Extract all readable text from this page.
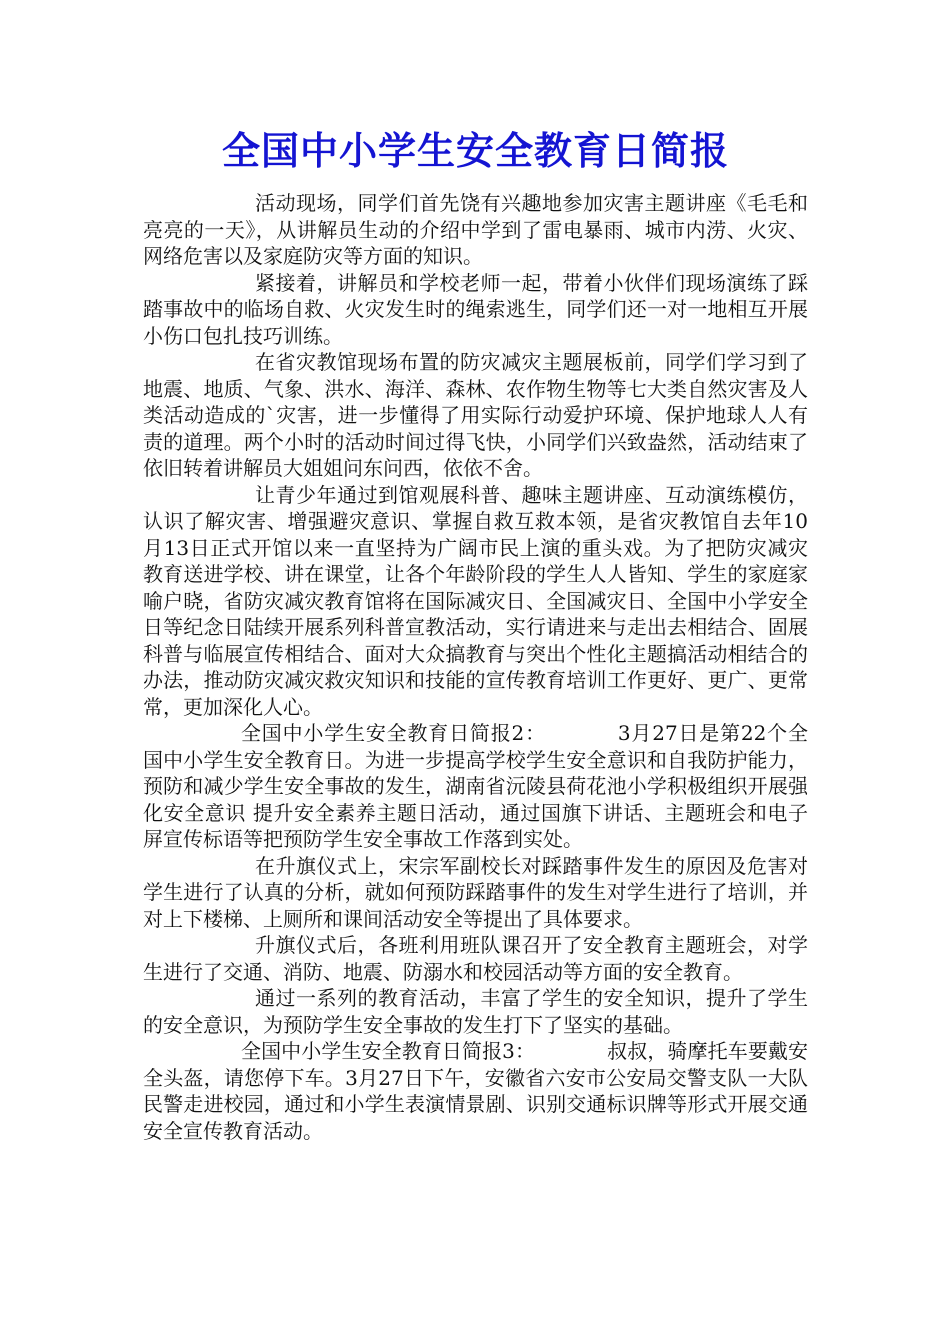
全国中小学生安全教育日简报

活动现场，同学们首先饶有兴趣地参加灾害主题讲座《毛毛和亮亮的一天》，从讲解员生动的介绍中学到了雷电暴雨、城市内涝、火灾、网络危害以及家庭防灾等方面的知识。

紧接着，讲解员和学校老师一起，带着小伙伴们现场演练了踩踏事故中的临场自救、火灾发生时的绳索逃生，同学们还一对一地相互开展小伤口包扎技巧训练。

在省灾教馆现场布置的防灾减灾主题展板前，同学们学习到了地震、地质、气象、洪水、海洋、森林、农作物生物等七大类自然灾害及人类活动造成的`灾害，进一步懂得了用实际行动爱护环境、保护地球人人有责的道理。两个小时的活动时间过得飞快，小同学们兴致盎然，活动结束了依旧转着讲解员大姐姐问东问西，依依不舍。

让青少年通过到馆观展科普、趣味主题讲座、互动演练模仿，认识了解灾害、增强避灾意识、掌握自救互救本领，是省灾教馆自去年10月13日正式开馆以来一直坚持为广阔市民上演的重头戏。为了把防灾减灾教育送进学校、讲在课堂，让各个年龄阶段的学生人人皆知、学生的家庭家喻户晓，省防灾减灾教育馆将在国际减灾日、全国减灾日、全国中小学安全日等纪念日陆续开展系列科普宣教活动，实行请进来与走出去相结合、固展科普与临展宣传相结合、面对大众搞教育与突出个性化主题搞活动相结合的办法，推动防灾减灾救灾知识和技能的宣传教育培训工作更好、更广、更常常，更加深化人心。

全国中小学生安全教育日简报2：	3月27日是第22个全国中小学生安全教育日。为进一步提高学校学生安全意识和自我防护能力，预防和减少学生安全事故的发生，湖南省沅陵县荷花池小学积极组织开展强化安全意识 提升安全素养主题日活动，通过国旗下讲话、主题班会和电子屏宣传标语等把预防学生安全事故工作落到实处。

在升旗仪式上，宋宗军副校长对踩踏事件发生的原因及危害对学生进行了认真的分析，就如何预防踩踏事件的发生对学生进行了培训，并对上下楼梯、上厕所和课间活动安全等提出了具体要求。

升旗仪式后，各班利用班队课召开了安全教育主题班会，对学生进行了交通、消防、地震、防溺水和校园活动等方面的安全教育。

通过一系列的教育活动，丰富了学生的安全知识，提升了学生的安全意识，为预防学生安全事故的发生打下了坚实的基础。

全国中小学生安全教育日简报3：	叔叔，骑摩托车要戴安全头盔，请您停下车。3月27日下午，安徽省六安市公安局交警支队一大队民警走进校园，通过和小学生表演情景剧、识别交通标识牌等形式开展交通安全宣传教育活动。
